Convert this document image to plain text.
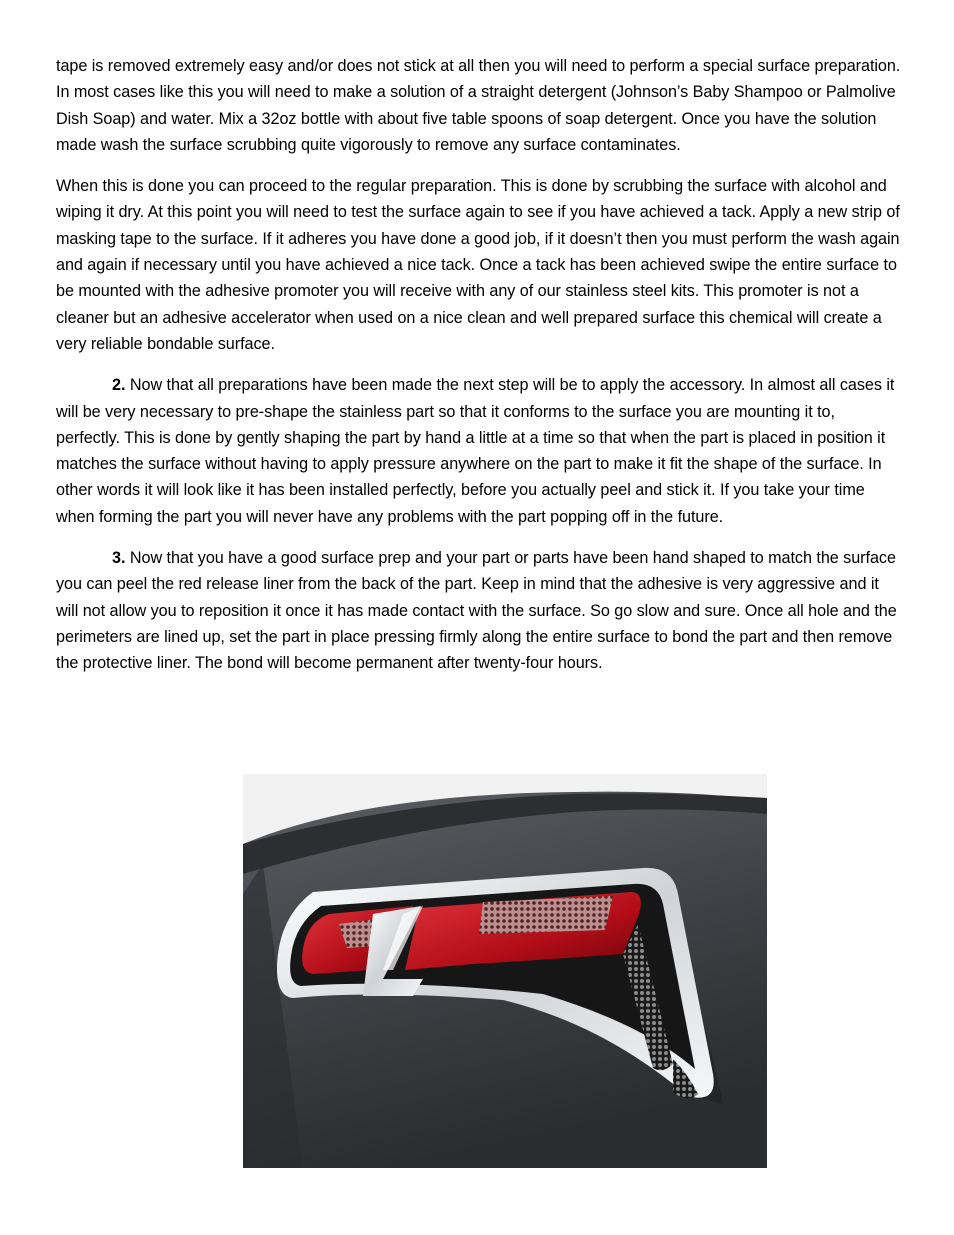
tape is removed extremely easy and/or does not stick at all then you will need to perform a special surface preparation. In most cases like this you will need to make a solution of a straight detergent (Johnson’s Baby Shampoo or Palmolive Dish Soap) and water. Mix a 32oz bottle with about five table spoons of soap detergent. Once you have the solution made wash the surface scrubbing quite vigorously to remove any surface contaminates.

When this is done you can proceed to the regular preparation. This is done by scrubbing the surface with alcohol and wiping it dry. At this point you will need to test the surface again to see if you have achieved a tack. Apply a new strip of masking tape to the surface. If it adheres you have done a good job, if it doesn’t then you must perform the wash again and again if necessary until you have achieved a nice tack. Once a tack has been achieved swipe the entire surface to be mounted with the adhesive promoter you will receive with any of our stainless steel kits. This promoter is not a cleaner but an adhesive accelerator when used on a nice clean and well prepared surface this chemical will create a very reliable bondable surface.

2. Now that all preparations have been made the next step will be to apply the accessory. In almost all cases it will be very necessary to pre-shape the stainless part so that it conforms to the surface you are mounting it to, perfectly. This is done by gently shaping the part by hand a little at a time so that when the part is placed in position it matches the surface without having to apply pressure anywhere on the part to make it fit the shape of the surface. In other words it will look like it has been installed perfectly, before you actually peel and stick it. If you take your time when forming the part you will never have any problems with the part popping off in the future.

3. Now that you have a good surface prep and your part or parts have been hand shaped to match the surface you can peel the red release liner from the back of the part. Keep in mind that the adhesive is very aggressive and it will not allow you to reposition it once it has made contact with the surface. So go slow and sure. Once all hole and the perimeters are lined up, set the part in place pressing firmly along the entire surface to bond the part and then remove the protective liner. The bond will become permanent after twenty-four hours.
